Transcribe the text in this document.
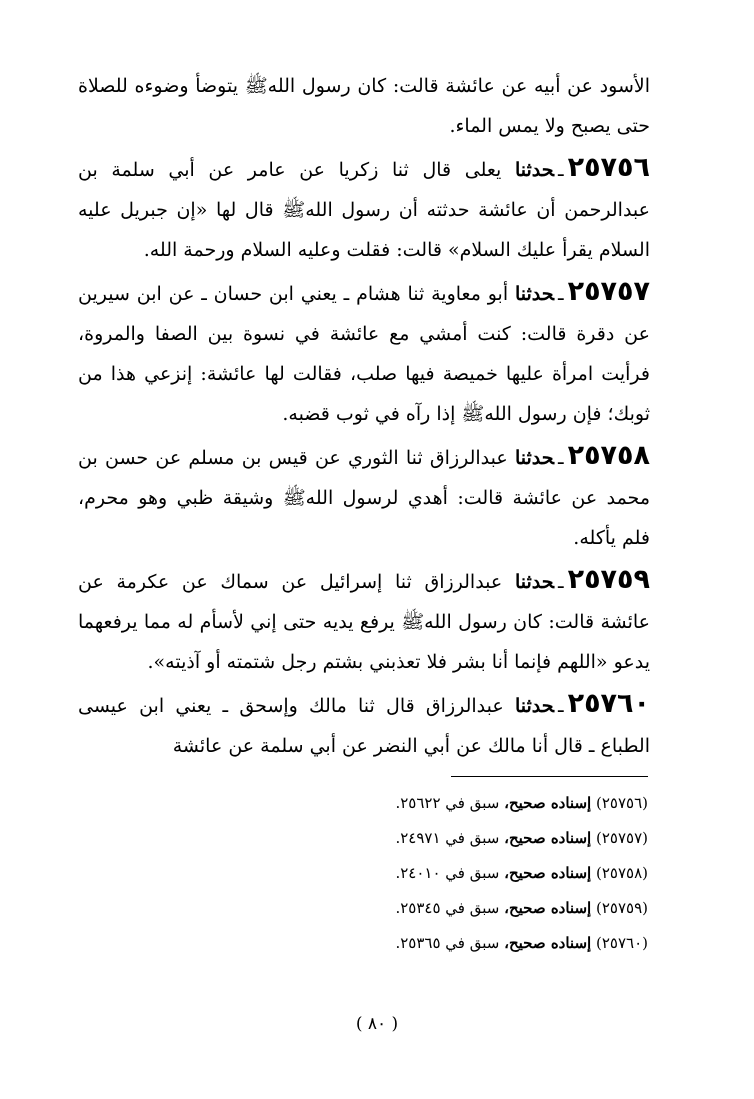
الأسود عن أبيه عن عائشة قالت: كان رسول اللهﷺ يتوضأ وضوءه للصلاة حتى يصبح ولا يمس الماء.

٢٥٧٥٦ـحدثنا يعلى قال ثنا زكريا عن عامر عن أبي سلمة بن عبدالرحمن أن عائشة حدثته أن رسول اللهﷺ قال لها «إن جبريل عليه السلام يقرأ عليك السلام» قالت: فقلت وعليه السلام ورحمة الله.

٢٥٧٥٧ـحدثنا أبو معاوية ثنا هشام ـ يعني ابن حسان ـ عن ابن سيرين عن دقرة قالت: كنت أمشي مع عائشة في نسوة بين الصفا والمروة، فرأيت امرأة عليها خميصة فيها صلب، فقالت لها عائشة: إنزعي هذا من ثوبك؛ فإن رسول اللهﷺ إذا رآه في ثوب قضبه.

٢٥٧٥٨ـحدثنا عبدالرزاق ثنا الثوري عن قيس بن مسلم عن حسن بن محمد عن عائشة قالت: أهدي لرسول اللهﷺ وشيقة ظبي وهو محرم، فلم يأكله.

٢٥٧٥٩ـحدثنا عبدالرزاق ثنا إسرائيل عن سماك عن عكرمة عن عائشة قالت: كان رسول اللهﷺ يرفع يديه حتى إني لأسأم له مما يرفعهما يدعو «اللهم فإنما أنا بشر فلا تعذبني بشتم رجل شتمته أو آذيته».

٢٥٧٦٠ـحدثنا عبدالرزاق قال ثنا مالك وإسحق ـ يعني ابن عيسى الطباع ـ قال أنا مالك عن أبي النضر عن أبي سلمة عن عائشة

(٢٥٧٥٦) إسناده صحيح، سبق في ٢٥٦٢٢.
(٢٥٧٥٧) إسناده صحيح، سبق في ٢٤٩٧١.
(٢٥٧٥٨) إسناده صحيح، سبق في ٢٤٠١٠.
(٢٥٧٥٩) إسناده صحيح، سبق في ٢٥٣٤٥.
(٢٥٧٦٠) إسناده صحيح، سبق في ٢٥٣٦٥.
( ٨٠ )
